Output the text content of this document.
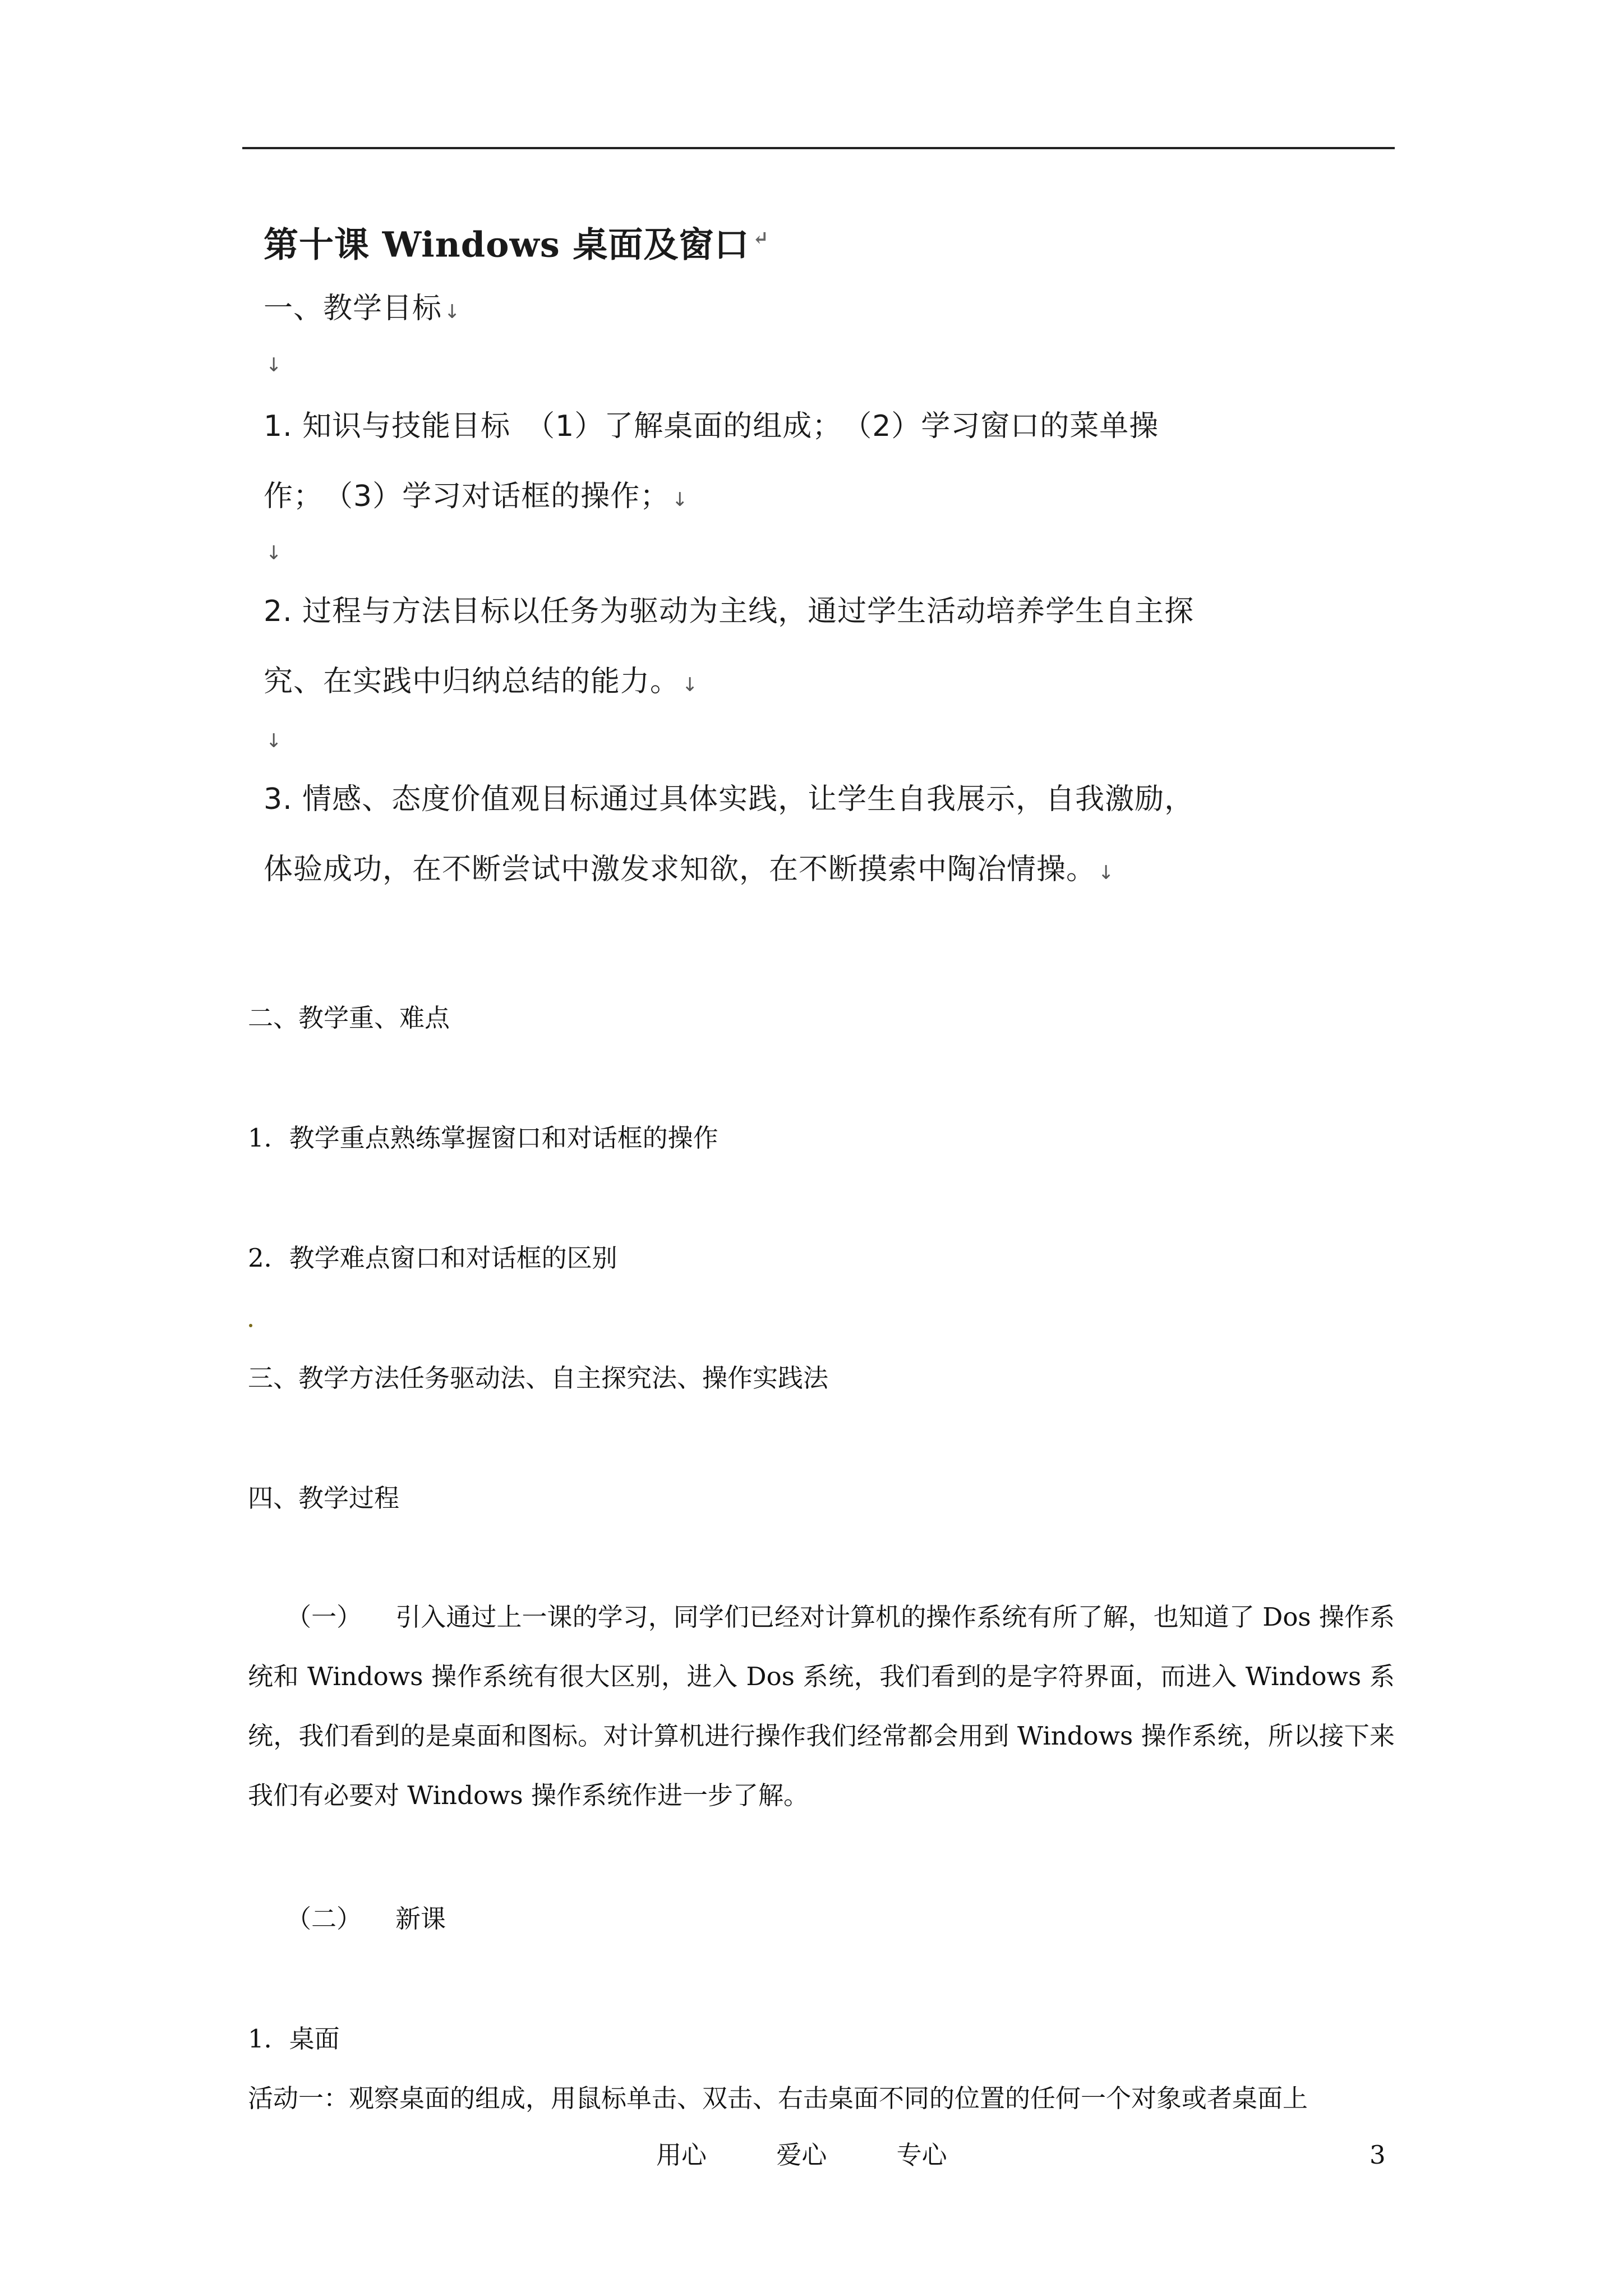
第十课 Windows 桌面及窗口 ↵
一、教学目标 ↓
↓
1. 知识与技能目标　（1）了解桌面的组成；　（2）学习窗口的菜单操
作；　（3）学习对话框的操作； ↓
↓
2. 过程与方法目标以任务为驱动为主线，通过学生活动培养学生自主探
究、在实践中归纳总结的能力。 ↓
↓
3. 情感、态度价值观目标通过具体实践，让学生自我展示，自我激励，
体验成功，在不断尝试中激发求知欲，在不断摸索中陶冶情操。 ↓
二、教学重、难点
1．教学重点熟练掌握窗口和对话框的操作
2．教学难点窗口和对话框的区别
三、教学方法任务驱动法、自主探究法、操作实践法
四、教学过程
（一） 引入通过上一课的学习，同学们已经对计算机的操作系统有所了解，也知道了 Dos 操作系统和 Windows 操作系统有很大区别，进入 Dos 系统，我们看到的是字符界面，而进入 Windows 系统，我们看到的是桌面和图标。对计算机进行操作我们经常都会用到 Windows 操作系统，所以接下来我们有必要对 Windows 操作系统作进一步了解。
（二） 新课
1．桌面
活动一：观察桌面的组成，用鼠标单击、双击、右击桌面不同的位置的任何一个对象或者桌面上
用心	爱心	专心	3
